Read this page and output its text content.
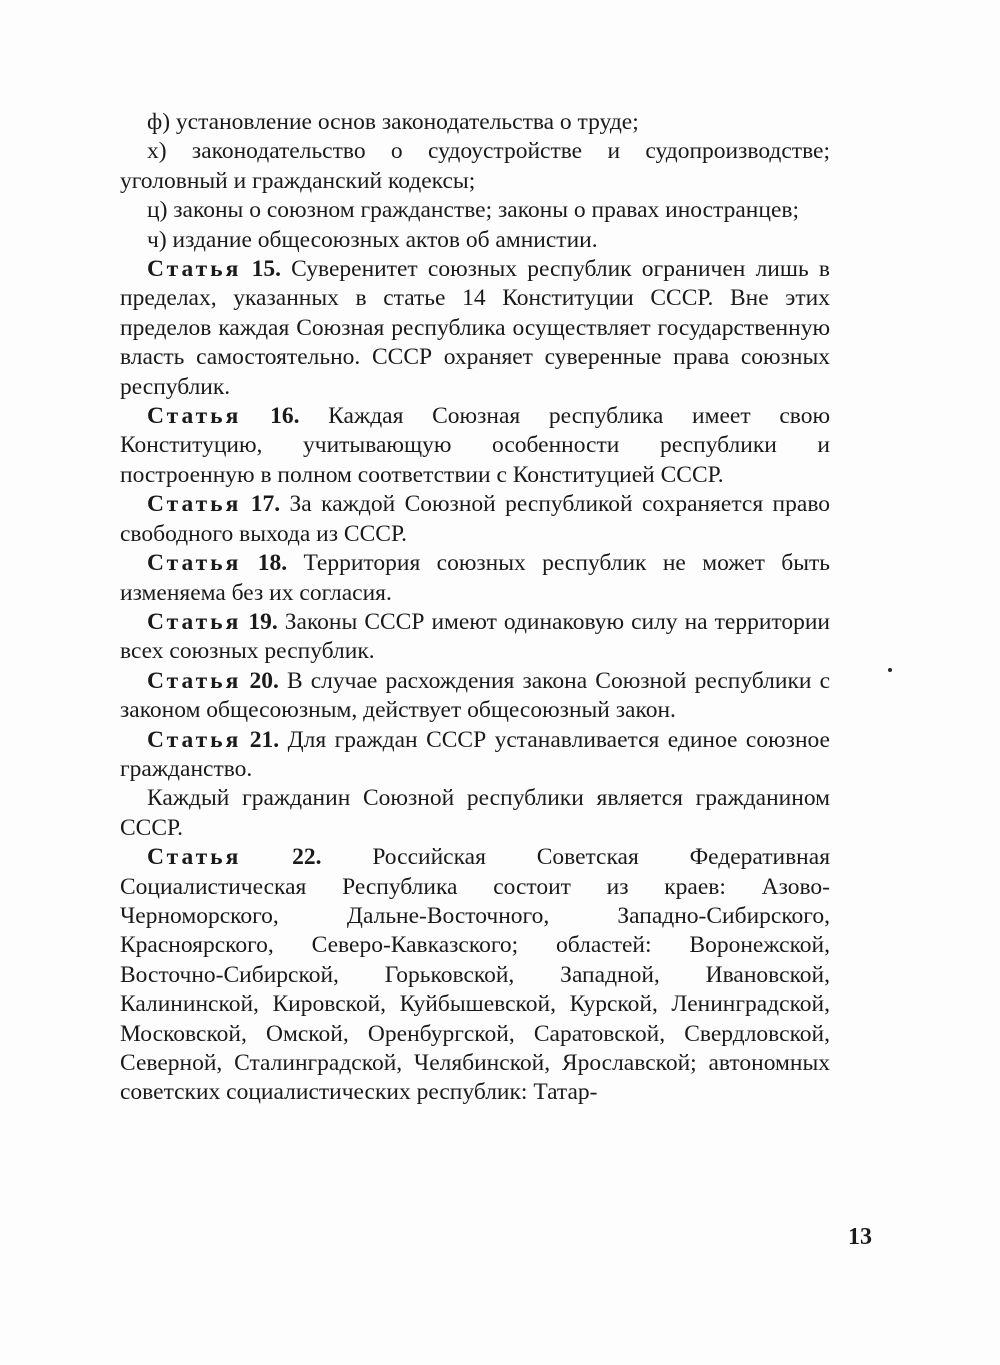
ф) установление основ законодательства о труде;

х) законодательство о судоустройстве и судопроизводстве; уголовный и гражданский кодексы;

ц) законы о союзном гражданстве; законы о правах иностранцев;

ч) издание общесоюзных актов об амнистии.

Статья 15. Суверенитет союзных республик ограничен лишь в пределах, указанных в статье 14 Конституции СССР. Вне этих пределов каждая Союзная республика осуществляет государственную власть самостоятельно. СССР охраняет суверенные права союзных республик.

Статья 16. Каждая Союзная республика имеет свою Конституцию, учитывающую особенности республики и построенную в полном соответствии с Конституцией СССР.

Статья 17. За каждой Союзной республикой сохраняется право свободного выхода из СССР.

Статья 18. Территория союзных республик не может быть изменяема без их согласия.

Статья 19. Законы СССР имеют одинаковую силу на территории всех союзных республик.

Статья 20. В случае расхождения закона Союзной республики с законом общесоюзным, действует общесоюзный закон.

Статья 21. Для граждан СССР устанавливается единое союзное гражданство.

Каждый гражданин Союзной республики является гражданином СССР.

Статья 22. Российская Советская Федеративная Социалистическая Республика состоит из краев: Азово-Черноморского, Дальне-Восточного, Западно-Сибирского, Красноярского, Северо-Кавказского; областей: Воронежской, Восточно-Сибирской, Горьковской, Западной, Ивановской, Калининской, Кировской, Куйбышевской, Курской, Ленинградской, Московской, Омской, Оренбургской, Саратовской, Свердловской, Северной, Сталинградской, Челябинской, Ярославской; автономных советских социалистических республик: Татар-

13
